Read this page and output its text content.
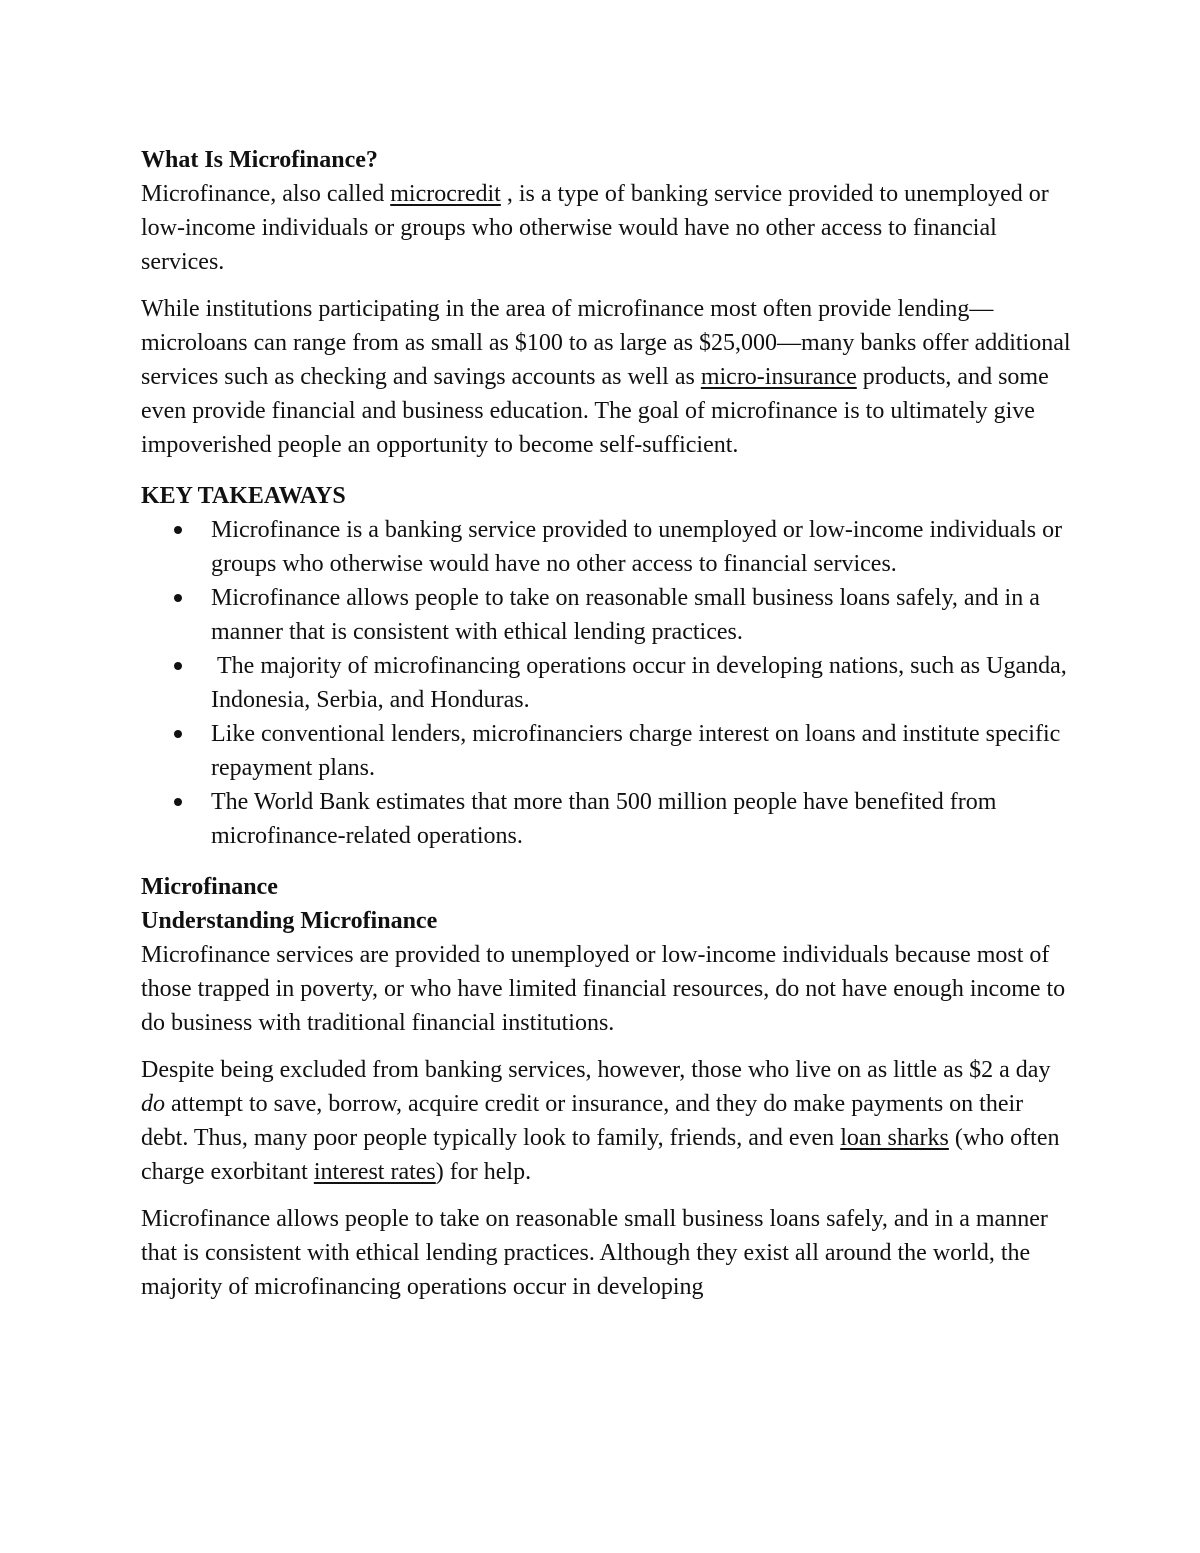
What Is Microfinance?

Microfinance, also called microcredit , is a type of banking service provided to unemployed or low-income individuals or groups who otherwise would have no other access to financial services.

While institutions participating in the area of microfinance most often provide lending—microloans can range from as small as $100 to as large as $25,000—many banks offer additional services such as checking and savings accounts as well as micro-insurance products, and some even provide financial and business education. The goal of microfinance is to ultimately give impoverished people an opportunity to become self-sufficient.

KEY TAKEAWAYS
Microfinance is a banking service provided to unemployed or low-income individuals or groups who otherwise would have no other access to financial services.
Microfinance allows people to take on reasonable small business loans safely, and in a manner that is consistent with ethical lending practices.
The majority of microfinancing operations occur in developing nations, such as Uganda, Indonesia, Serbia, and Honduras.
Like conventional lenders, microfinanciers charge interest on loans and institute specific repayment plans.
The World Bank estimates that more than 500 million people have benefited from microfinance-related operations.
Microfinance
Understanding Microfinance

Microfinance services are provided to unemployed or low-income individuals because most of those trapped in poverty, or who have limited financial resources, do not have enough income to do business with traditional financial institutions.

Despite being excluded from banking services, however, those who live on as little as $2 a day do attempt to save, borrow, acquire credit or insurance, and they do make payments on their debt. Thus, many poor people typically look to family, friends, and even loan sharks (who often charge exorbitant interest rates) for help.

Microfinance allows people to take on reasonable small business loans safely, and in a manner that is consistent with ethical lending practices. Although they exist all around the world, the majority of microfinancing operations occur in developing
